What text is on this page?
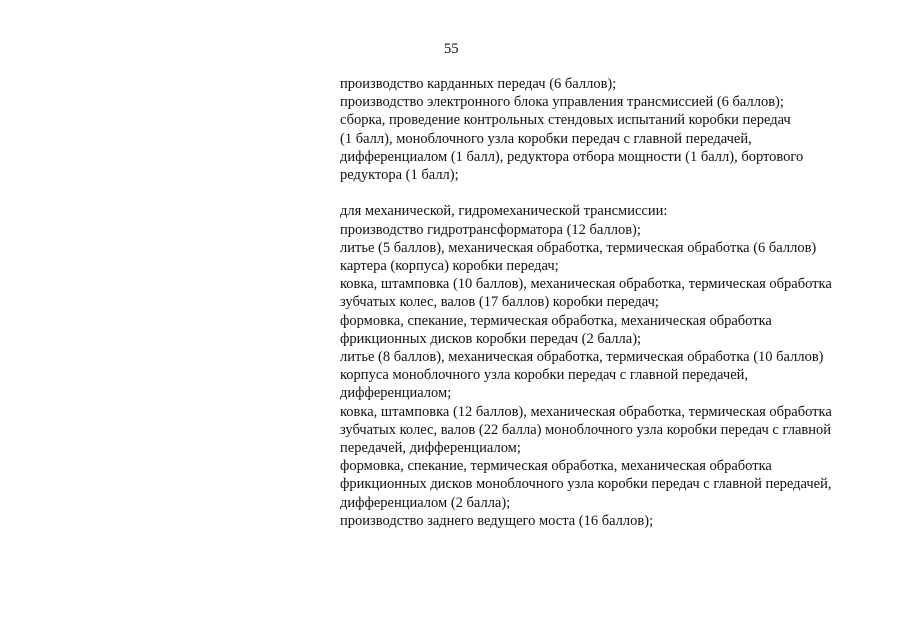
55
производство карданных передач (6 баллов);
производство электронного блока управления трансмиссией (6 баллов);
сборка, проведение контрольных стендовых испытаний коробки передач
(1 балл), моноблочного узла коробки передач с главной передачей,
дифференциалом (1 балл), редуктора отбора мощности (1 балл), бортового
редуктора (1 балл);
для механической, гидромеханической трансмиссии:
производство гидротрансформатора (12 баллов);
литье (5 баллов), механическая обработка, термическая обработка (6 баллов)
картера (корпуса) коробки передач;
ковка, штамповка (10 баллов), механическая обработка, термическая обработка
зубчатых колес, валов (17 баллов) коробки передач;
формовка, спекание, термическая обработка, механическая обработка
фрикционных дисков коробки передач (2 балла);
литье (8 баллов), механическая обработка, термическая обработка (10 баллов)
корпуса моноблочного узла коробки передач с главной передачей,
дифференциалом;
ковка, штамповка (12 баллов), механическая обработка, термическая обработка
зубчатых колес, валов (22 балла) моноблочного узла коробки передач с главной
передачей, дифференциалом;
формовка, спекание, термическая обработка, механическая обработка
фрикционных дисков моноблочного узла коробки передач с главной передачей,
дифференциалом (2 балла);
производство заднего ведущего моста (16 баллов);
